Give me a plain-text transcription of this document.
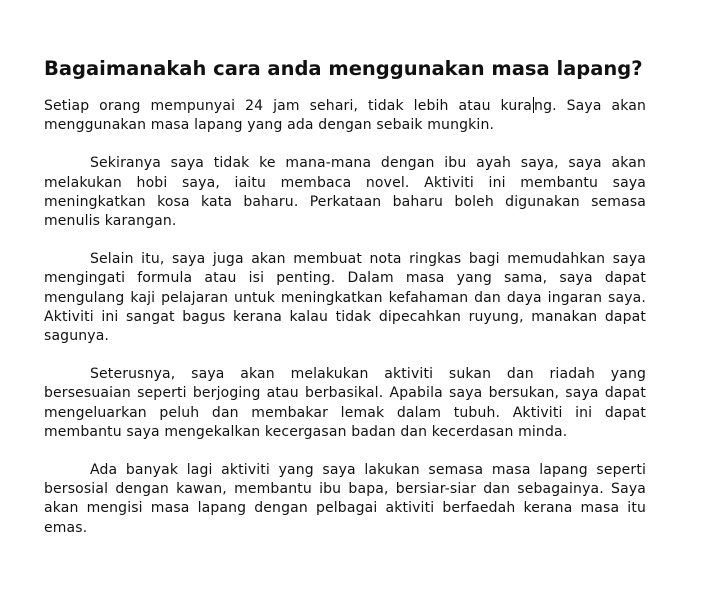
Bagaimanakah cara anda menggunakan masa lapang?

Setiap orang mempunyai 24 jam sehari, tidak lebih atau kura ng. Saya akan menggunakan masa lapang yang ada dengan sebaik mungkin.

Sekiranya saya tidak ke mana-mana dengan ibu ayah saya, saya akan melakukan hobi saya, iaitu membaca novel. Aktiviti ini membantu saya meningkatkan kosa kata baharu. Perkataan baharu boleh digunakan semasa menulis karangan.

Selain itu, saya juga akan membuat nota ringkas bagi memudahkan saya mengingati formula atau isi penting. Dalam masa yang sama, saya dapat mengulang kaji pelajaran untuk meningkatkan kefahaman dan daya ingaran saya. Aktiviti ini sangat bagus kerana kalau tidak dipecahkan ruyung, manakan dapat sagunya.

Seterusnya, saya akan melakukan aktiviti sukan dan riadah yang bersesuaian seperti berjoging atau berbasikal. Apabila saya bersukan, saya dapat mengeluarkan peluh dan membakar lemak dalam tubuh. Aktiviti ini dapat membantu saya mengekalkan kecergasan badan dan kecerdasan minda.

Ada banyak lagi aktiviti yang saya lakukan semasa masa lapang seperti bersosial dengan kawan, membantu ibu bapa, bersiar-siar dan sebagainya. Saya akan mengisi masa lapang dengan pelbagai aktiviti berfaedah kerana masa itu emas.
